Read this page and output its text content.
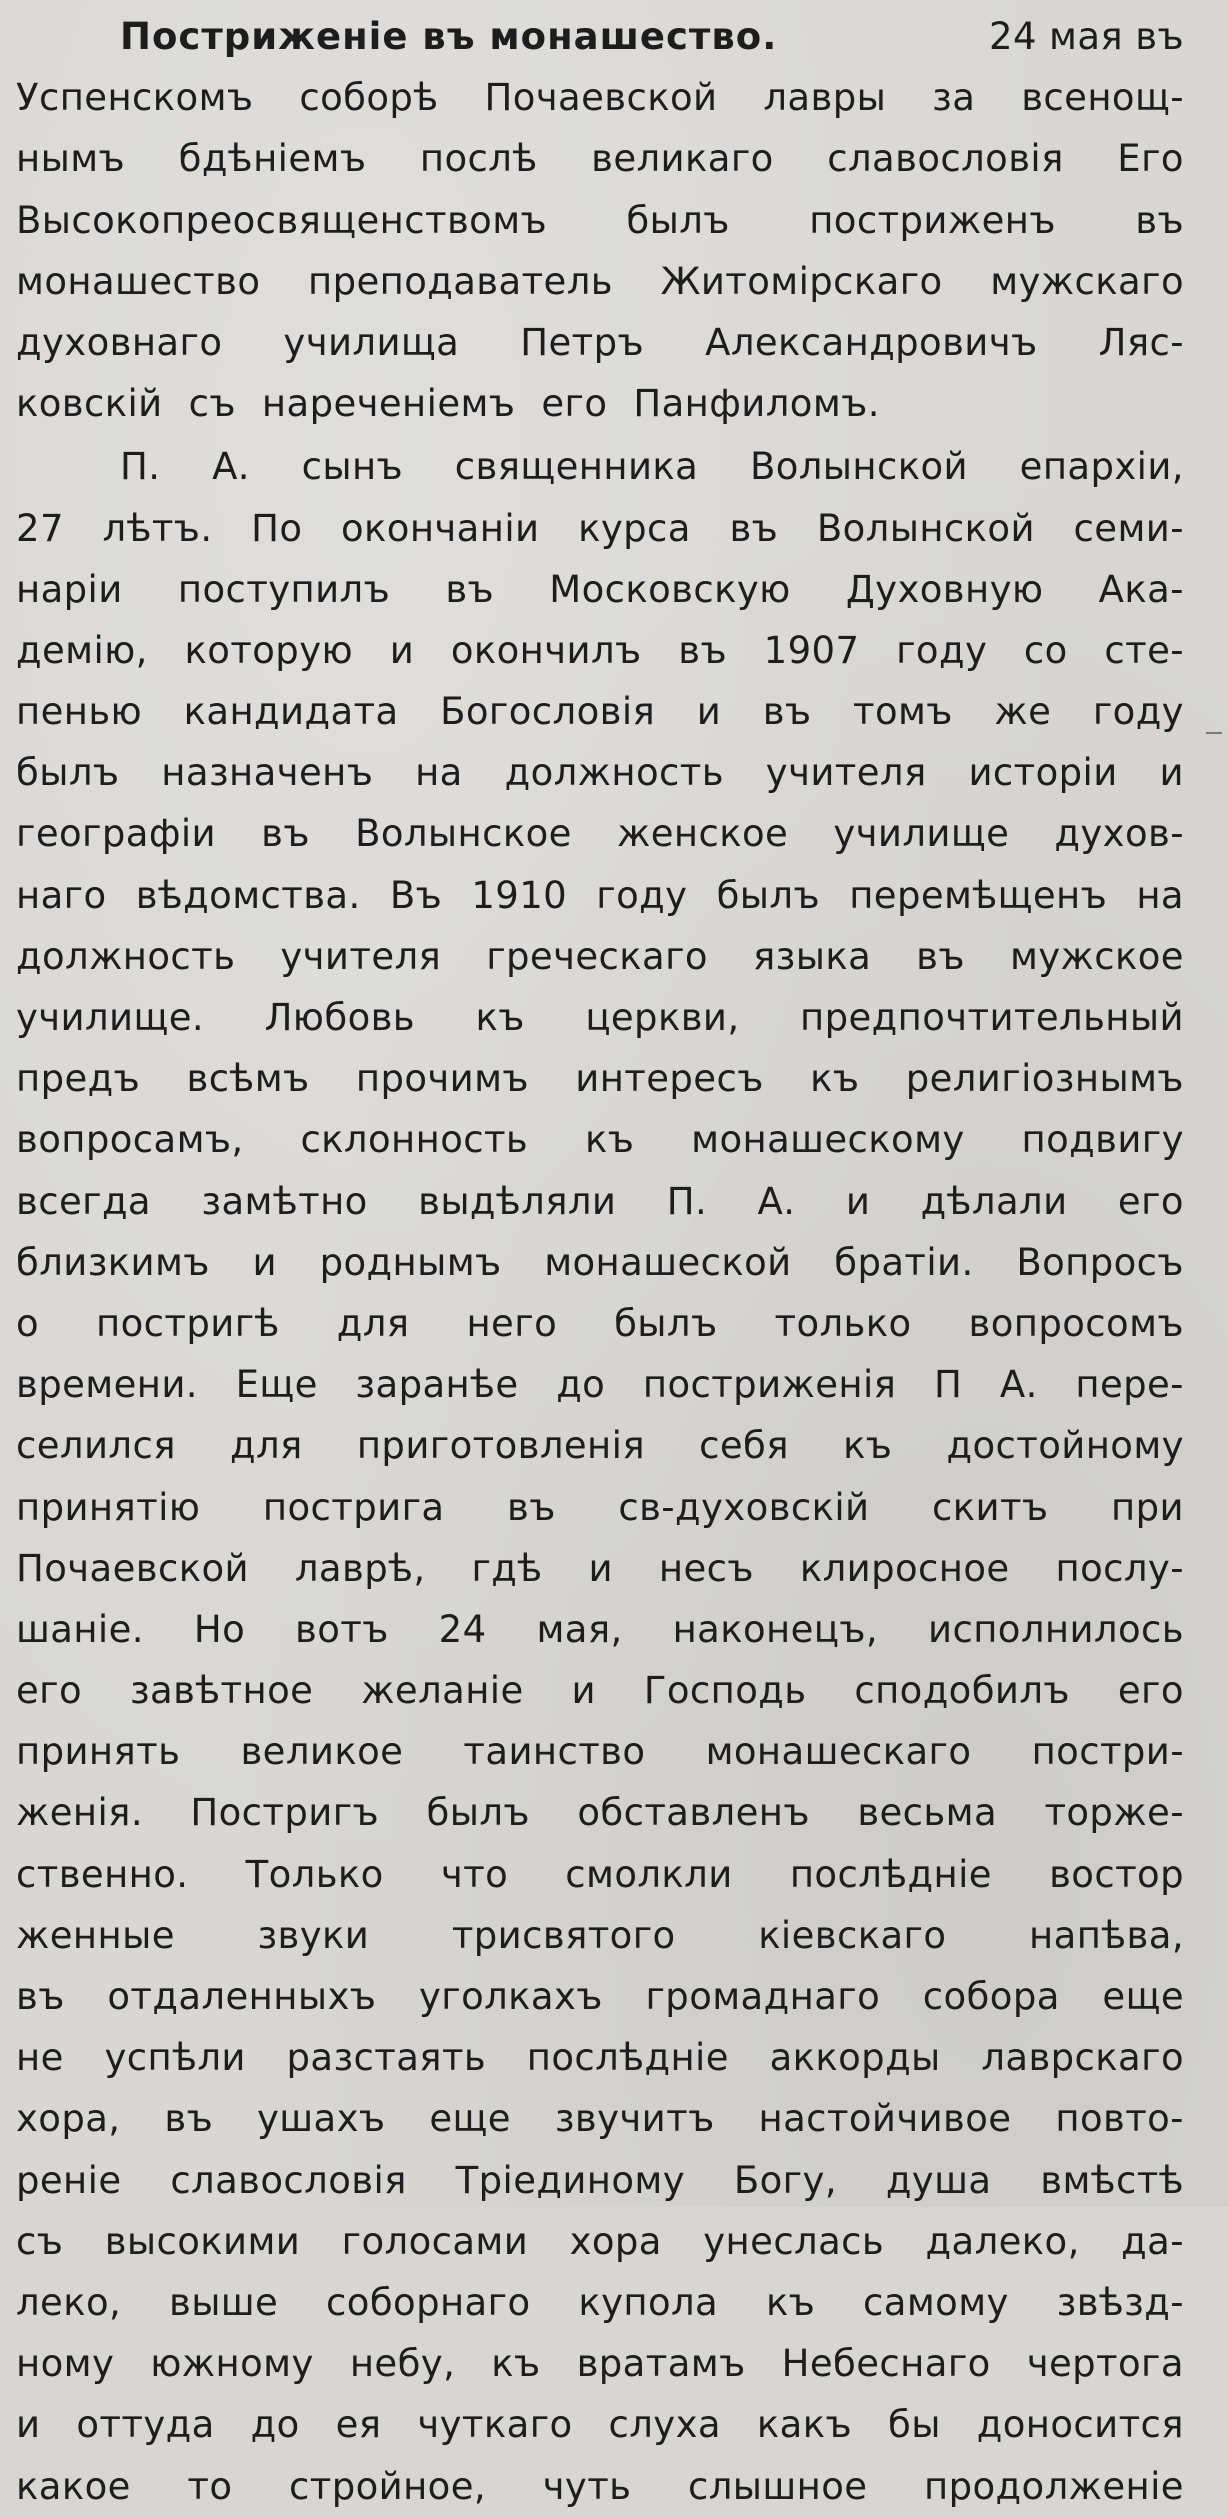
Постриженіе въ монашество.	24 мая въ
Успенскомъ соборѣ Почаевской лавры за всенощ-
нымъ бдѣніемъ послѣ великаго славословія Его
Высокопреосвященствомъ былъ постриженъ въ
монашество преподаватель Житомірскаго мужскаго
духовнаго училища Петръ Александровичъ Ляс-
ковскій съ нареченіемъ его Панфиломъ.
П. А. сынъ священника Волынской епархіи,
27 лѣтъ. По окончаніи курса въ Волынской семи-
наріи поступилъ въ Московскую Духовную Ака-
демію, которую и окончилъ въ 1907 году со сте-
пенью кандидата Богословія и въ томъ же году
былъ назначенъ на должность учителя исторіи и
географіи въ Волынское женское училище духов-
наго вѣдомства. Въ 1910 году былъ перемѣщенъ на
должность учителя греческаго языка въ мужское
училище. Любовь къ церкви, предпочтительный
предъ всѣмъ прочимъ интересъ къ религіознымъ
вопросамъ, склонность къ монашескому подвигу
всегда замѣтно выдѣляли П. А. и дѣлали его
близкимъ и роднымъ монашеской братіи. Вопросъ
о постригѣ для него былъ только вопросомъ
времени. Еще заранѣе до постриженія П А. пере-
селился для приготовленія себя къ достойному
принятію пострига въ св-духовскій скитъ при
Почаевской лаврѣ, гдѣ и несъ клиросное послу-
шаніе. Но вотъ 24 мая, наконецъ, исполнилось
его завѣтное желаніе и Господь сподобилъ его
принять великое таинство монашескаго постри-
женія. Постригъ былъ обставленъ весьма торже-
ственно. Только что смолкли послѣдніе востор
женные звуки трисвятого кіевскаго напѣва,
въ отдаленныхъ уголкахъ громаднаго собора еще
не успѣли разстаять послѣдніе аккорды лаврскаго
хора, въ ушахъ еще звучитъ настойчивое повто-
реніе славословія Тріединому Богу, душа вмѣстѣ
съ высокими голосами хора унеслась далеко, да-
леко, выше соборнаго купола къ самому звѣзд-
ному южному небу, къ вратамъ Небеснаго чертога
и оттуда до ея чуткаго слуха какъ бы доносится
какое то стройное, чуть слышное продолженіе
